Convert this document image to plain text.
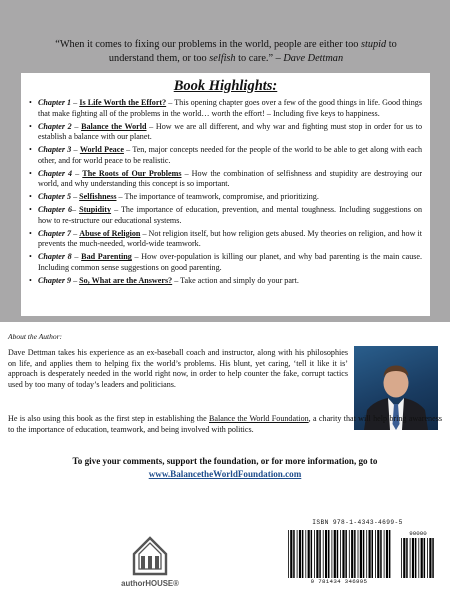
“When it comes to fixing our problems in the world, people are either too stupid to understand them, or too selfish to care.” – Dave Dettman
Book Highlights:
• Chapter 1 – Is Life Worth the Effort? – This opening chapter goes over a few of the good things in life. Good things that make fighting all of the problems in the world… worth the effort! – Including five keys to happiness.
• Chapter 2 – Balance the World – How we are all different, and why war and fighting must stop in order for us to establish a balance with our planet.
• Chapter 3 – World Peace – Ten, major concepts needed for the people of the world to be able to get along with each other, and for world peace to be realistic.
• Chapter 4 – The Roots of Our Problems – How the combination of selfishness and stupidity are destroying our world, and why understanding this concept is so important.
• Chapter 5 – Selfishness – The importance of teamwork, compromise, and prioritizing.
• Chapter 6– Stupidity – The importance of education, prevention, and mental toughness. Including suggestions on how to re-structure our educational systems.
• Chapter 7 – Abuse of Religion – Not religion itself, but how religion gets abused. My theories on religion, and how it prevents the much-needed, world-wide teamwork.
• Chapter 8 – Bad Parenting – How over-population is killing our planet, and why bad parenting is the main cause. Including common sense suggestions on good parenting.
• Chapter 9 – So, What are the Answers? – Take action and simply do your part.
About the Author:
Dave Dettman takes his experience as an ex-baseball coach and instructor, along with his philosophies on life, and applies them to helping fix the world’s problems. His blunt, yet caring, ‘tell it like it is’ approach is desperately needed in the world right now, in order to help counter the fake, corrupt tactics used by too many of today’s leaders and politicians.
He is also using this book as the first step in establishing the Balance the World Foundation, a charity that will help bring awareness to the importance of education, teamwork, and being involved with politics.
To give your comments, support the foundation, or for more information, go to
www.BalancetheWorldFoundation.com
authorHOUSE®
ISBN 978-1-4343-4699-5
90000
9 781434 346995
